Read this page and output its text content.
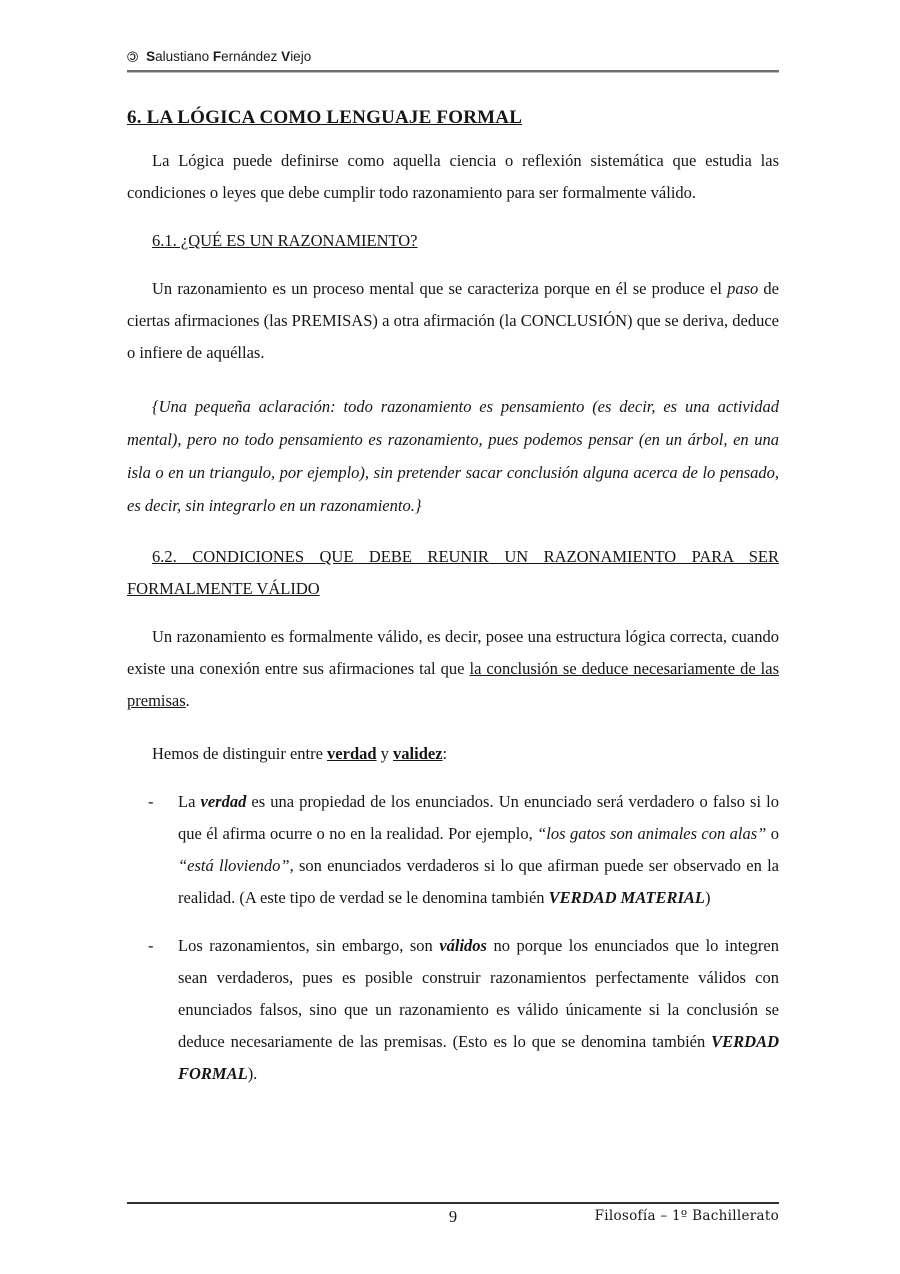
© Salustiano Fernández Viejo
6. LA LÓGICA COMO LENGUAJE FORMAL

La Lógica puede definirse como aquella ciencia o reflexión sistemática que estudia las condiciones o leyes que debe cumplir todo razonamiento para ser formalmente válido.

6.1. ¿QUÉ ES UN RAZONAMIENTO?

Un razonamiento es un proceso mental que se caracteriza porque en él se produce el paso de ciertas afirmaciones (las PREMISAS) a otra afirmación (la CONCLUSIÓN) que se deriva, deduce o infiere de aquéllas.

{Una pequeña aclaración: todo razonamiento es pensamiento (es decir, es una actividad mental), pero no todo pensamiento es razonamiento, pues podemos pensar (en un árbol, en una isla o en un triangulo, por ejemplo), sin pretender sacar conclusión alguna acerca de lo pensado, es decir, sin integrarlo en un razonamiento.}

6.2. CONDICIONES QUE DEBE REUNIR UN RAZONAMIENTO PARA SER FORMALMENTE VÁLIDO

Un razonamiento es formalmente válido, es decir, posee una estructura lógica correcta, cuando existe una conexión entre sus afirmaciones tal que la conclusión se deduce necesariamente de las premisas.

Hemos de distinguir entre verdad y validez:

- La verdad es una propiedad de los enunciados. Un enunciado será verdadero o falso si lo que él afirma ocurre o no en la realidad. Por ejemplo, “los gatos son animales con alas” o “está lloviendo”, son enunciados verdaderos si lo que afirman puede ser observado en la realidad. (A este tipo de verdad se le denomina también VERDAD MATERIAL)
- Los razonamientos, sin embargo, son válidos no porque los enunciados que lo integren sean verdaderos, pues es posible construir razonamientos perfectamente válidos con enunciados falsos, sino que un razonamiento es válido únicamente si la conclusión se deduce necesariamente de las premisas. (Esto es lo que se denomina también VERDAD FORMAL).
9	Filosofía – 1º Bachillerato
